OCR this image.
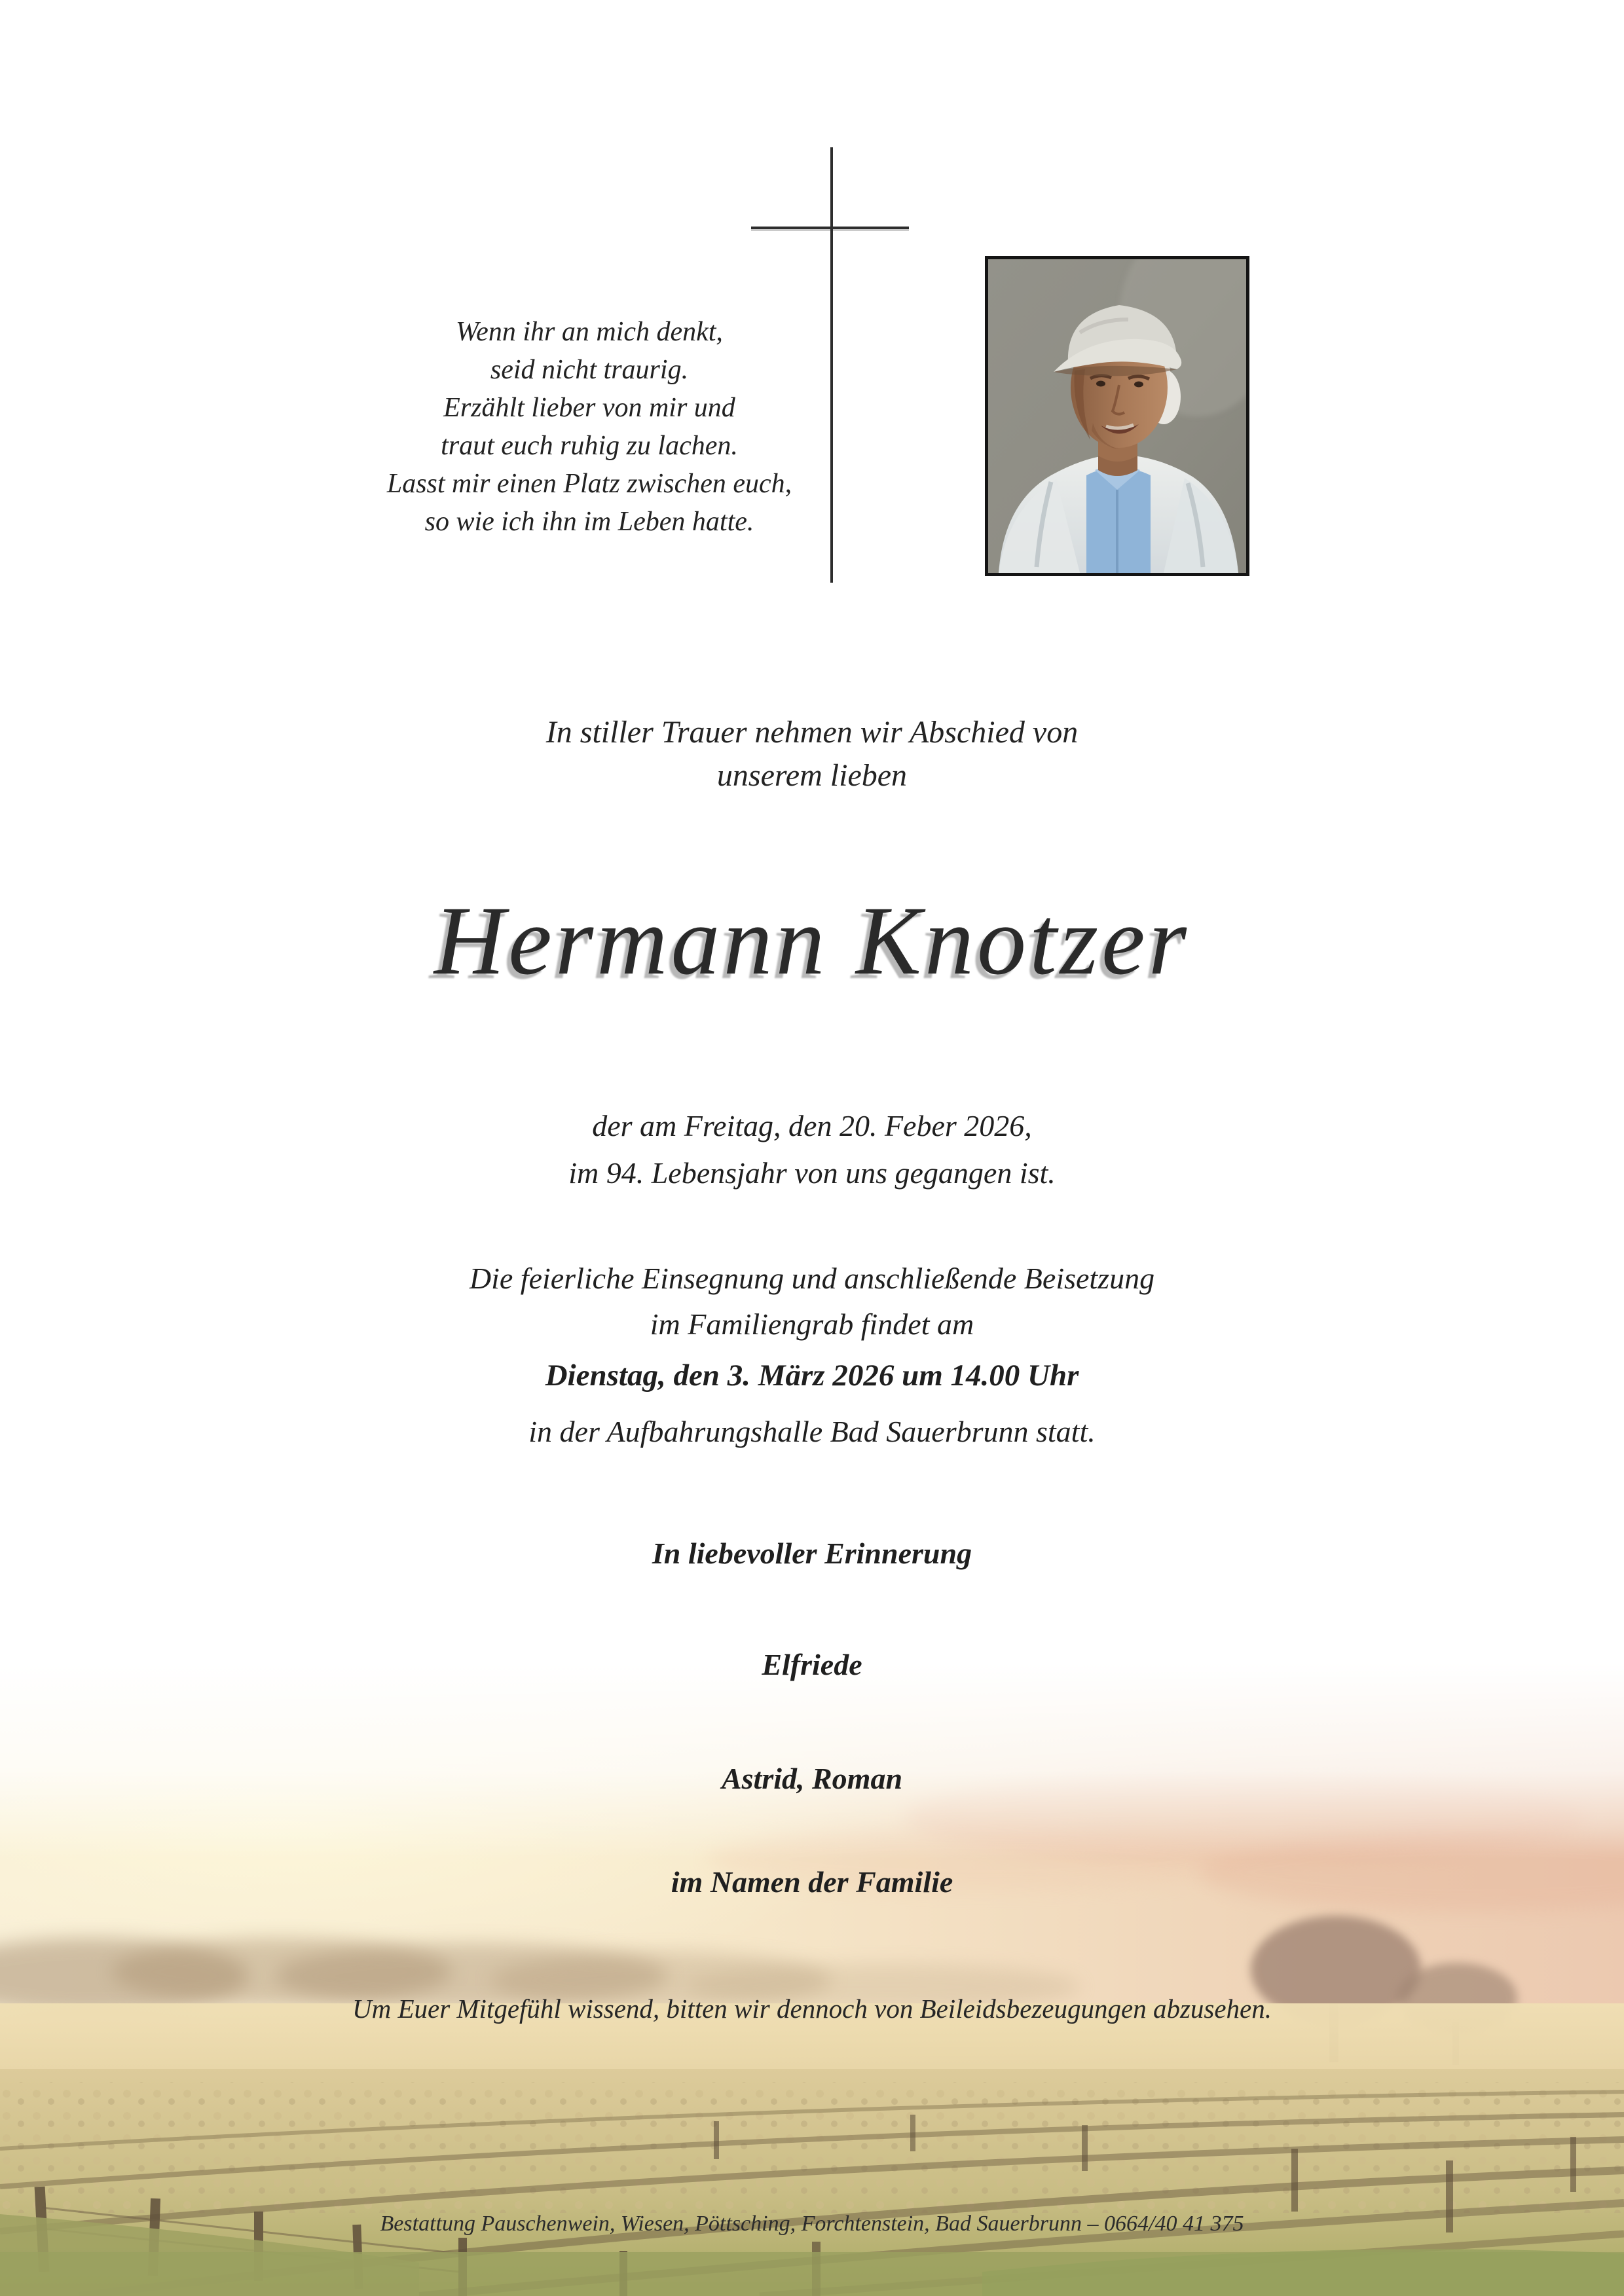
Wenn ihr an mich denkt,
seid nicht traurig.
Erzählt lieber von mir und
traut euch ruhig zu lachen.
Lasst mir einen Platz zwischen euch,
so wie ich ihn im Leben hatte.
In stiller Trauer nehmen wir Abschied von
unserem lieben
Hermann Knotzer
der am Freitag, den 20. Feber 2026,
im 94. Lebensjahr von uns gegangen ist.
Die feierliche Einsegnung und anschließende Beisetzung
im Familiengrab findet am
Dienstag, den 3. März 2026 um 14.00 Uhr
in der Aufbahrungshalle Bad Sauerbrunn statt.
In liebevoller Erinnerung
Elfriede
Astrid, Roman
im Namen der Familie
Um Euer Mitgefühl wissend, bitten wir dennoch von Beileidsbezeugungen abzusehen.
Bestattung Pauschenwein, Wiesen, Pöttsching, Forchtenstein, Bad Sauerbrunn – 0664/40 41 375
